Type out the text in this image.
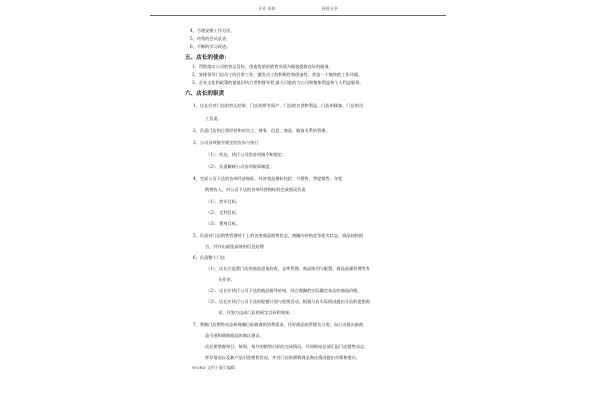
专业 资料	资料分享
4、合理安排工作方法，
5、经常的会员反省，
6、不断的学习改进。
五、店长的使命：
1、贯彻落实公司的营运目标，创造优质的销售业绩为顾客提供良好的服务。
2、安排领导门店员工的日常工作，激发员工的积极性和创造性，营造一个愉快的工作环境。
3、企业文化和政策的最基层执行者和督导者,最大可能的为公司和集体利益和个人利益服务。
六、店长的职责
1、店长应对门店的营运结果、门店的所有资产、门店的名誉和利益、门店的顾客、门店的员
工负责。
2、负责门店的日常经营和对员工、财务、信息、商品、顾客关系的管理。
3、公司各项指令规定的宣布与执行
（1）、传达、执行公司的各项指令和规定；
（2）、负责解释公司各项规章制度。
4、完成公司下达的各项经济指标，经济效益指标包括：月销售、季度销售、年度
销售收入，对公司下达的各项经营指标的完成情况负责
（1）、营业目标；
（2）、毛利目标；
（3）、费用目标。
5、负责对门店销售管理对于上的各类商品销售状态，商圈内价格竞争优劣状态，商品结构组
合，并作出最佳高效的信息处理
6、负责整个门店
（1）、店长应监督门店的商品进货验收、仓库管理、商品陈列与配置、商品质量管理等有
关作业；
（2）、店长应执行公司下达的商品指导价格，结合商圈的实际确定本店的商品价格，
（3）、店长应执行公司下达的促销计划与促销活动，根据分店实际情况提出分店的促销需
求，并努力达成门店的预定目标和效果。
7、掌握门店销售动态和商圈目标顾客的消费需求，作好商品的管理及分类；向公司提出新商
品引进和滞销商品的淘汰建议。
店长要掌握每日、每周、每月的销售目标的完成情况，并同时向总部汇报门店销售动态、
库存情况以及新产品引进销售状况，并对门店的滞销商品淘汰情况提出对策和建议。
WORD 文档下载可编辑
